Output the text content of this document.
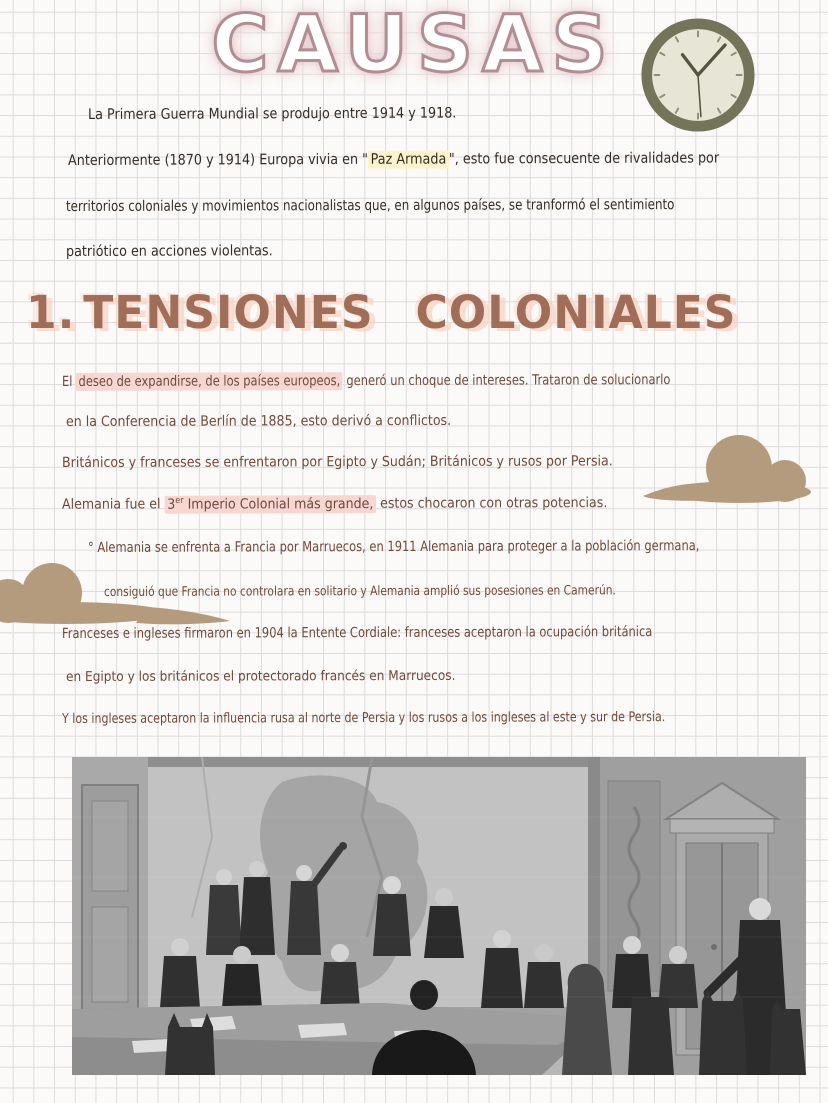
CAUSAS
La Primera Guerra Mundial se produjo entre 1914 y 1918.
Anteriormente (1870 y 1914) Europa vivia en " Paz Armada ", esto fue consecuente de rivalidades por
territorios coloniales y movimientos nacionalistas que, en algunos países, se tranformó el sentimiento
patriótico en acciones violentas.
1. TENSIONES COLONIALES
El deseo de expandirse, de los países europeos, generó un choque de intereses. Trataron de solucionarlo
en la Conferencia de Berlín de 1885, esto derivó a conflictos.
Británicos y franceses se enfrentaron por Egipto y Sudán; Británicos y rusos por Persia.
Alemania fue el 3er Imperio Colonial más grande, estos chocaron con otras potencias.
° Alemania se enfrenta a Francia por Marruecos, en 1911 Alemania para proteger a la población germana,
consiguió que Francia no controlara en solitario y Alemania amplió sus posesiones en Camerún.
Franceses e ingleses firmaron en 1904 la Entente Cordiale: franceses aceptaron la ocupación británica
en Egipto y los británicos el protectorado francés en Marruecos.
Y los ingleses aceptaron la influencia rusa al norte de Persia y los rusos a los ingleses al este y sur de Persia.
